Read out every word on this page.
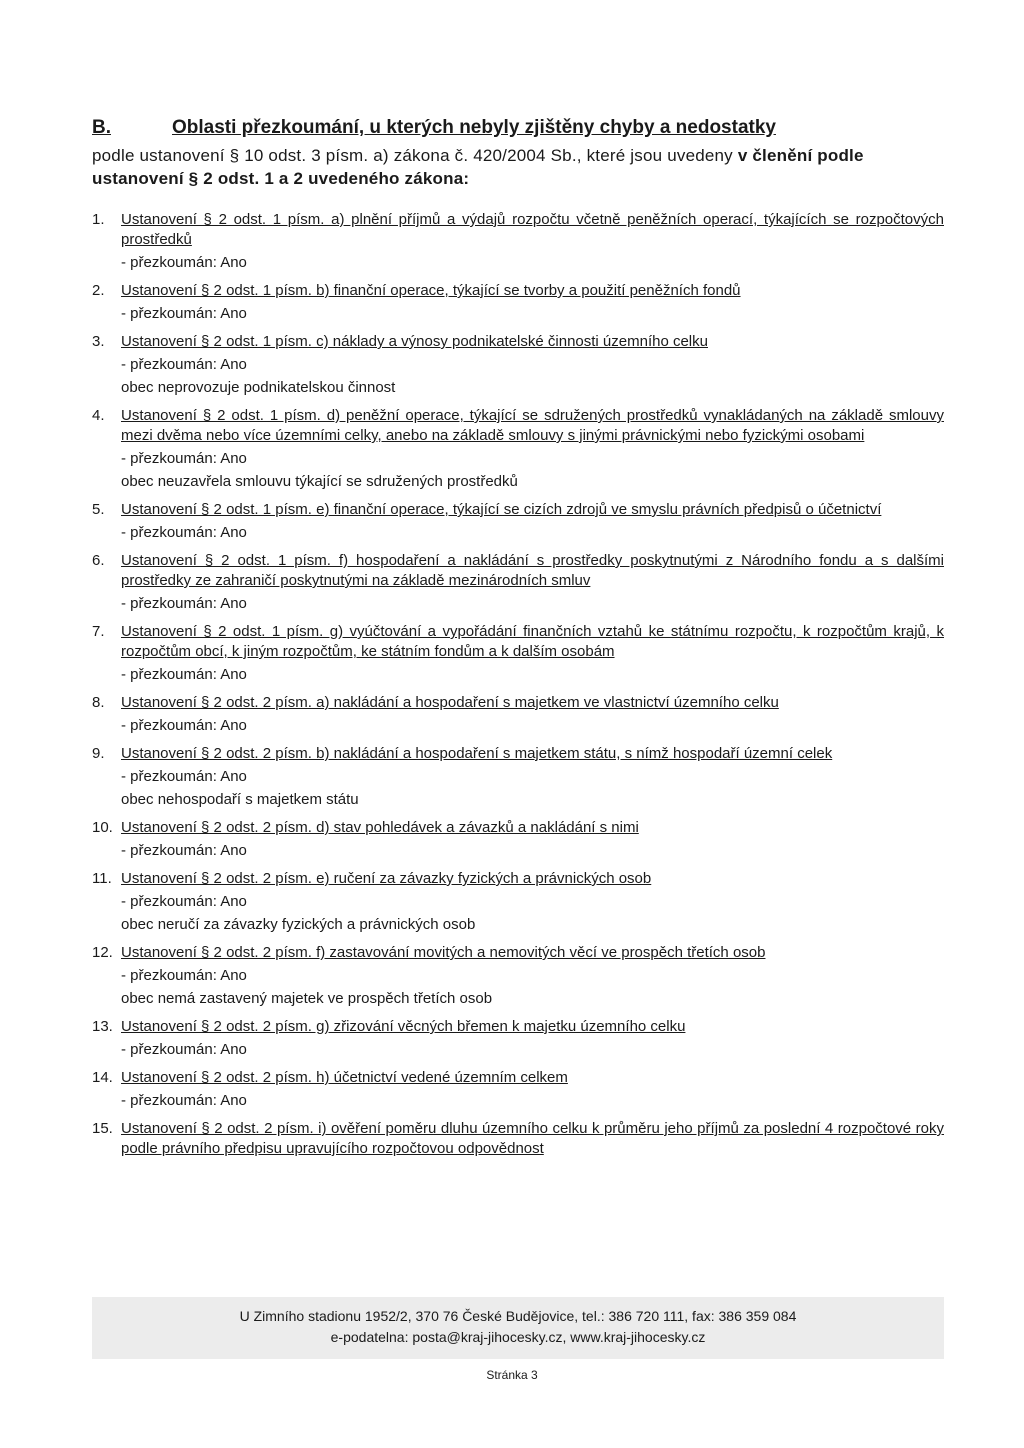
B.	Oblasti přezkoumání, u kterých nebyly zjištěny chyby a nedostatky
podle ustanovení § 10 odst. 3 písm. a) zákona č. 420/2004 Sb., které jsou uvedeny v členění podle ustanovení § 2 odst. 1 a 2 uvedeného zákona:
1.	Ustanovení § 2 odst. 1 písm. a) plnění příjmů a výdajů rozpočtu včetně peněžních operací, týkajících se rozpočtových prostředků
- přezkoumán: Ano
2.	Ustanovení § 2 odst. 1 písm. b) finanční operace, týkající se tvorby a použití peněžních fondů
- přezkoumán: Ano
3.	Ustanovení § 2 odst. 1 písm. c) náklady a výnosy podnikatelské činnosti územního celku
- přezkoumán: Ano
obec neprovozuje podnikatelskou činnost
4.	Ustanovení § 2 odst. 1 písm. d) peněžní operace, týkající se sdružených prostředků vynakládaných na základě smlouvy mezi dvěma nebo více územními celky, anebo na základě smlouvy s jinými právnickými nebo fyzickými osobami
- přezkoumán: Ano
obec neuzavřela smlouvu týkající se sdružených prostředků
5.	Ustanovení § 2 odst. 1 písm. e) finanční operace, týkající se cizích zdrojů ve smyslu právních předpisů o účetnictví
- přezkoumán: Ano
6.	Ustanovení § 2 odst. 1 písm. f) hospodaření a nakládání s prostředky poskytnutými z Národního fondu a s dalšími prostředky ze zahraničí poskytnutými na základě mezinárodních smluv
- přezkoumán: Ano
7.	Ustanovení § 2 odst. 1 písm. g) vyúčtování a vypořádání finančních vztahů ke státnímu rozpočtu, k rozpočtům krajů, k rozpočtům obcí, k jiným rozpočtům, ke státním fondům a k dalším osobám
- přezkoumán: Ano
8.	Ustanovení § 2 odst. 2 písm. a) nakládání a hospodaření s majetkem ve vlastnictví územního celku
- přezkoumán: Ano
9.	Ustanovení § 2 odst. 2 písm. b) nakládání a hospodaření s majetkem státu, s nímž hospodaří územní celek
- přezkoumán: Ano
obec nehospodaří s majetkem státu
10. Ustanovení § 2 odst. 2 písm. d) stav pohledávek a závazků a nakládání s nimi
- přezkoumán: Ano
11. Ustanovení § 2 odst. 2 písm. e) ručení za závazky fyzických a právnických osob
- přezkoumán: Ano
obec neručí za závazky fyzických a právnických osob
12. Ustanovení § 2 odst. 2 písm. f) zastavování movitých a nemovitých věcí ve prospěch třetích osob
- přezkoumán: Ano
obec nemá zastavený majetek ve prospěch třetích osob
13. Ustanovení § 2 odst. 2 písm. g) zřizování věcných břemen k majetku územního celku
- přezkoumán: Ano
14. Ustanovení § 2 odst. 2 písm. h) účetnictví vedené územním celkem
- přezkoumán: Ano
15. Ustanovení § 2 odst. 2 písm. i) ověření poměru dluhu územního celku k průměru jeho příjmů za poslední 4 rozpočtové roky podle právního předpisu upravujícího rozpočtovou odpovědnost
U Zimního stadionu 1952/2, 370 76 České Budějovice, tel.: 386 720 111, fax: 386 359 084
e-podatelna: posta@kraj-jihocesky.cz, www.kraj-jihocesky.cz
Stránka 3
